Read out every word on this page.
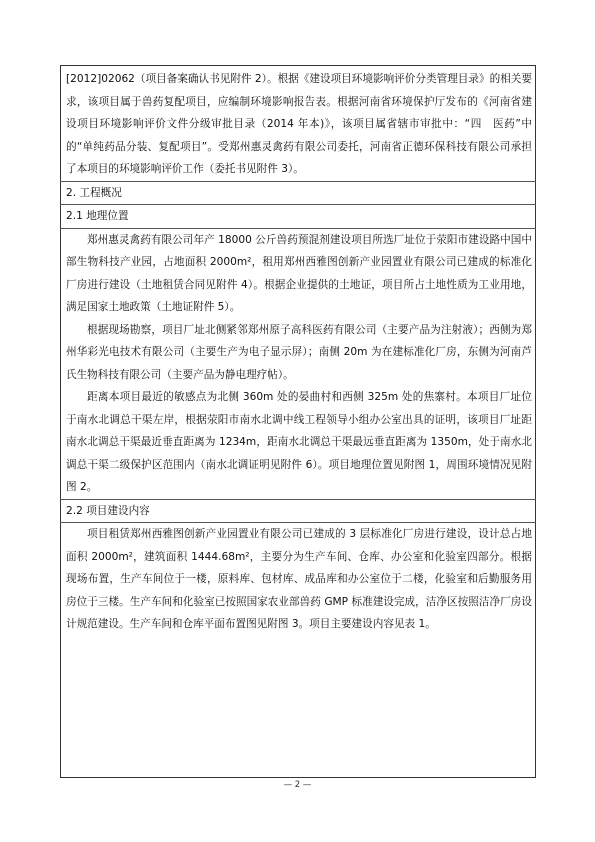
[2012]02062（项目备案确认书见附件 2）。根据《建设项目环境影响评价分类管理目录》的相关要求，该项目属于兽药复配项目，应编制环境影响报告表。根据河南省环境保护厅发布的《河南省建设项目环境影响评价文件分级审批目录（2014 年本)》，该项目属省辖市审批中：“四　医药”中的“单纯药品分装、复配项目”。受郑州惠灵禽药有限公司委托，河南省正德环保科技有限公司承担了本项目的环境影响评价工作（委托书见附件 3）。

2. 工程概况
2.1 地理位置

郑州惠灵禽药有限公司年产 18000 公斤兽药预混剂建设项目所选厂址位于荥阳市建设路中国中部生物科技产业园，占地面积 2000m²，租用郑州西雅图创新产业园置业有限公司已建成的标准化厂房进行建设（土地租赁合同见附件 4）。根据企业提供的土地证，项目所占土地性质为工业用地，满足国家土地政策（土地证附件 5）。

根据现场勘察，项目厂址北侧紧邻郑州原子高科医药有限公司（主要产品为注射液）；西侧为郑州华彩光电技术有限公司（主要生产为电子显示屏）；南侧 20m 为在建标准化厂房，东侧为河南芦氏生物科技有限公司（主要产品为静电理疗帖）。

距离本项目最近的敏感点为北侧 360m 处的晏曲村和西侧 325m 处的焦寨村。本项目厂址位于南水北调总干渠左岸，根据荥阳市南水北调中线工程领导小组办公室出具的证明，该项目厂址距南水北调总干渠最近垂直距离为 1234m，距南水北调总干渠最远垂直距离为 1350m，处于南水北调总干渠二级保护区范围内（南水北调证明见附件 6）。项目地理位置见附图 1，周围环境情况见附图 2。

2.2 项目建设内容

项目租赁郑州西雅图创新产业园置业有限公司已建成的 3 层标准化厂房进行建设，设计总占地面积 2000m²，建筑面积 1444.68m²，主要分为生产车间、仓库、办公室和化验室四部分。根据现场布置，生产车间位于一楼，原料库、包材库、成品库和办公室位于二楼，化验室和后勤服务用房位于三楼。生产车间和化验室已按照国家农业部兽药 GMP 标准建设完成，洁净区按照洁净厂房设计规范建设。生产车间和仓库平面布置图见附图 3。项目主要建设内容见表 1。

— 2 —
